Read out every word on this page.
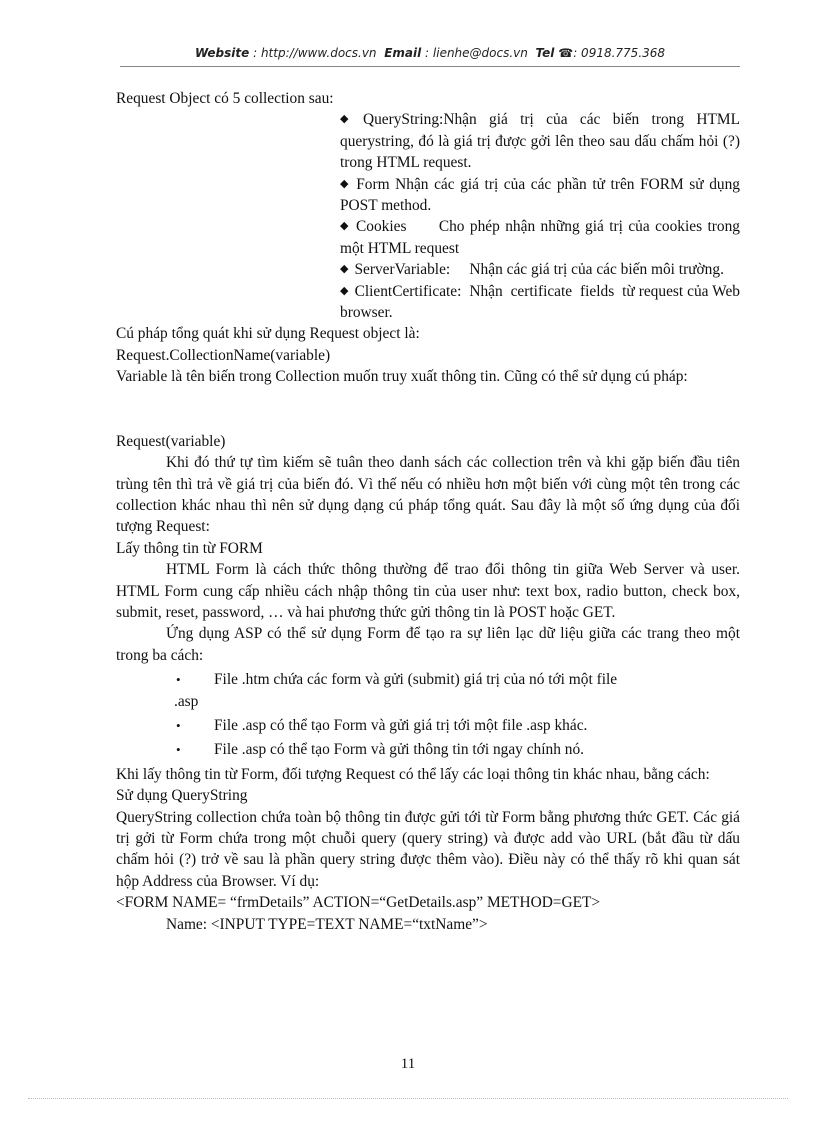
Website : http://www.docs.vn Email : lienhe@docs.vn Tel ☎: 0918.775.368

Request Object có 5 collection sau:

◆ QueryString:Nhận giá trị của các biến trong HTML querystring, đó là giá trị được gởi lên theo sau dấu chấm hỏi (?) trong HTML request.

◆ Form Nhận các giá trị của các phần tử trên FORM sử dụng POST method.

◆ Cookies      Cho phép nhận những giá trị của cookies trong một HTML request

◆ ServerVariable:     Nhận các giá trị của các biến môi trường.

◆ ClientCertificate:  Nhận  certificate  fields  từ request của Web browser.

Cú pháp tổng quát khi sử dụng Request object là:

Request.CollectionName(variable)

Variable là tên biến trong Collection muốn truy xuất thông tin. Cũng có thể sử dụng cú pháp:

Request(variable)

Khi đó thứ tự tìm kiếm sẽ tuân theo danh sách các collection trên và khi gặp biến đầu tiên trùng tên thì trả về giá trị của biến đó. Vì thế nếu có nhiều hơn một biến với cùng một tên trong các collection khác nhau thì nên sử dụng dạng cú pháp tổng quát. Sau đây là một số ứng dụng của đối tượng Request:

Lấy thông tin từ FORM

HTML Form là cách thức thông thường để trao đổi thông tin giữa Web Server và user. HTML Form cung cấp nhiều cách nhập thông tin của user như: text box, radio button, check box, submit, reset, password, … và hai phương thức gửi thông tin là POST hoặc GET.

Ứng dụng ASP có thể sử dụng Form để tạo ra sự liên lạc dữ liệu giữa các trang theo một trong ba cách:

• File .htm chứa các form và gửi (submit) giá trị của nó tới một file
.asp
• File .asp có thể tạo Form và gửi giá trị tới một file .asp khác.
• File .asp có thể tạo Form và gửi thông tin tới ngay chính nó.

Khi lấy thông tin từ Form, đối tượng Request có thể lấy các loại thông tin khác nhau, bằng cách:

Sử dụng QueryString

QueryString collection chứa toàn bộ thông tin được gửi tới từ Form bằng phương thức GET. Các giá trị gởi từ Form chứa trong một chuỗi query (query string) và được add vào URL (bắt đầu từ dấu chấm hỏi (?) trở về sau là phần query string được thêm vào). Điều này có thể thấy rõ khi quan sát hộp Address của Browser. Ví dụ:

<FORM NAME= “frmDetails” ACTION=“GetDetails.asp” METHOD=GET>

Name: <INPUT TYPE=TEXT NAME=“txtName”>

11
